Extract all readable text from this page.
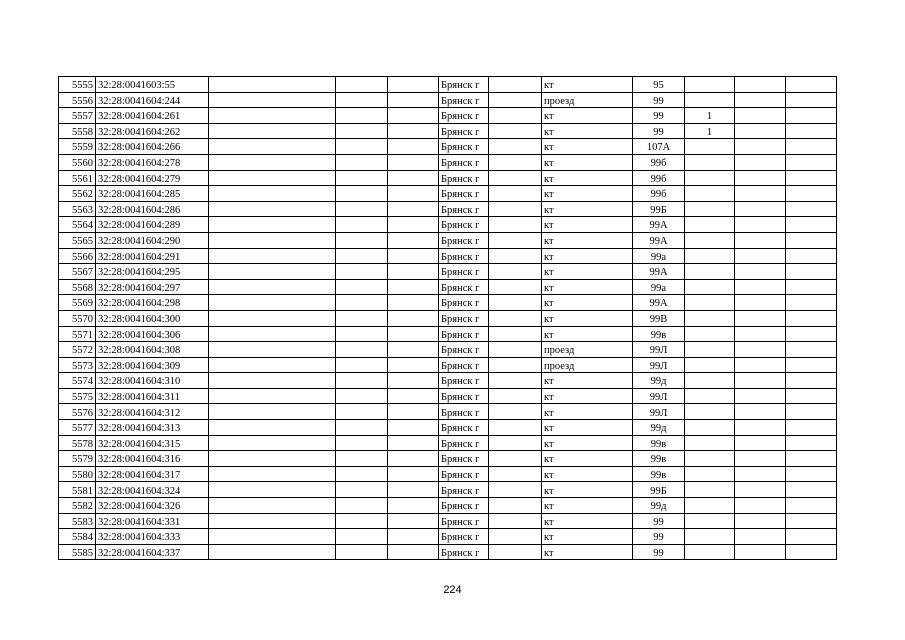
5555	32:28:0041603:55				Брянск г		кт	95			
5556	32:28:0041604:244				Брянск г		проезд	99			
5557	32:28:0041604:261				Брянск г		кт	99	1		
5558	32:28:0041604:262				Брянск г		кт	99	1		
5559	32:28:0041604:266				Брянск г		кт	107А			
5560	32:28:0041604:278				Брянск г		кт	99б			
5561	32:28:0041604:279				Брянск г		кт	99б			
5562	32:28:0041604:285				Брянск г		кт	99б			
5563	32:28:0041604:286				Брянск г		кт	99Б			
5564	32:28:0041604:289				Брянск г		кт	99А			
5565	32:28:0041604:290				Брянск г		кт	99А			
5566	32:28:0041604:291				Брянск г		кт	99а			
5567	32:28:0041604:295				Брянск г		кт	99А			
5568	32:28:0041604:297				Брянск г		кт	99а			
5569	32:28:0041604:298				Брянск г		кт	99А			
5570	32:28:0041604:300				Брянск г		кт	99В			
5571	32:28:0041604:306				Брянск г		кт	99в			
5572	32:28:0041604:308				Брянск г		проезд	99Л			
5573	32:28:0041604:309				Брянск г		проезд	99Л			
5574	32:28:0041604:310				Брянск г		кт	99д			
5575	32:28:0041604:311				Брянск г		кт	99Л			
5576	32:28:0041604:312				Брянск г		кт	99Л			
5577	32:28:0041604:313				Брянск г		кт	99д			
5578	32:28:0041604:315				Брянск г		кт	99в			
5579	32:28:0041604:316				Брянск г		кт	99в			
5580	32:28:0041604:317				Брянск г		кт	99в			
5581	32:28:0041604:324				Брянск г		кт	99Б			
5582	32:28:0041604:326				Брянск г		кт	99д			
5583	32:28:0041604:331				Брянск г		кт	99			
5584	32:28:0041604:333				Брянск г		кт	99			
5585	32:28:0041604:337				Брянск г		кт	99			
224
